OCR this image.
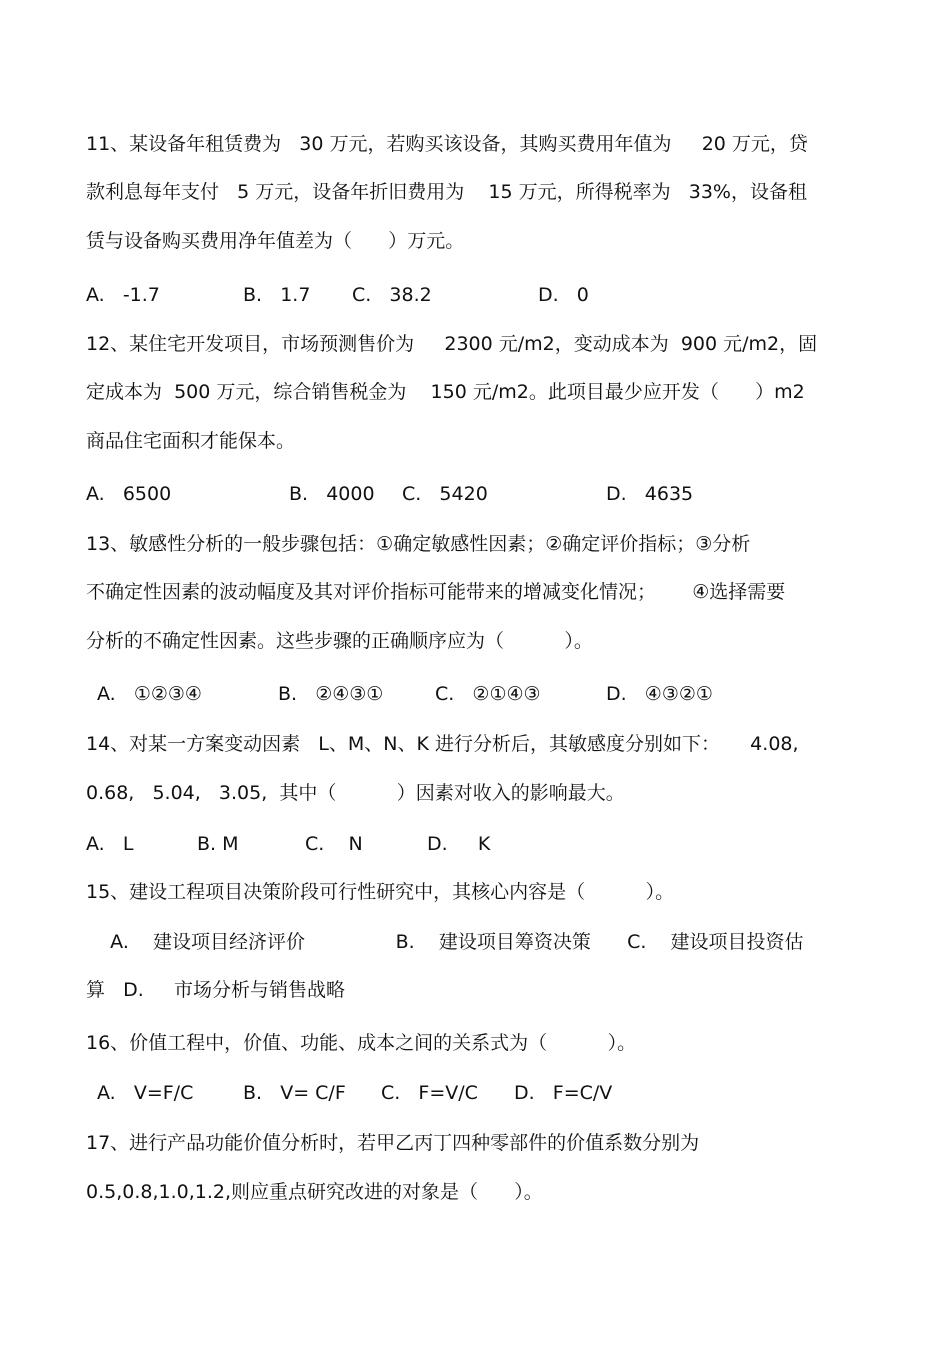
11、某设备年租赁费为   30 万元，若购买该设备，其购买费用年值为     20 万元，贷

款利息每年支付   5 万元，设备年折旧费用为    15 万元，所得税率为   33%，设备租

赁与设备购买费用净年值差为（      ）万元。

A.   -1.7	B.   1.7 C.   38.2	D.   0

12、某住宅开发项目，市场预测售价为     2300 元/m2，变动成本为  900 元/m2，固

定成本为  500 万元，综合销售税金为    150 元/m2。此项目最少应开发（      ）m2

商品住宅面积才能保本。

A.   6500	B.   4000 C.   5420	D.   4635

13、敏感性分析的一般步骤包括：①确定敏感性因素；②确定评价指标；③分析

不确定性因素的波动幅度及其对评价指标可能带来的增减变化情况；      ④选择需要

分析的不确定性因素。这些步骤的正确顺序应为（          ）。

A.   ①②③④	B.   ②④③①	C.   ②①④③	D.   ④③②①

14、对某一方案变动因素   L、M、N、K 进行分析后，其敏感度分别如下：     4.08,

0.68,   5.04,   3.05,  其中（          ）因素对收入的影响最大。

A.   L	B. M	C.    N	D.     K

15、建设工程项目决策阶段可行性研究中，其核心内容是（          ）。

A.    建设项目经济评价               B.    建设项目筹资决策      C.    建设项目投资估

算   D.     市场分析与销售战略

16、价值工程中，价值、功能、成本之间的关系式为（          ）。

A.   V=F/C	B.   V= C/F C.   F=V/C D.   F=C/V

17、进行产品功能价值分析时，若甲乙丙丁四种零部件的价值系数分别为

0.5,0.8,1.0,1.2,则应重点研究改进的对象是（      ）。
